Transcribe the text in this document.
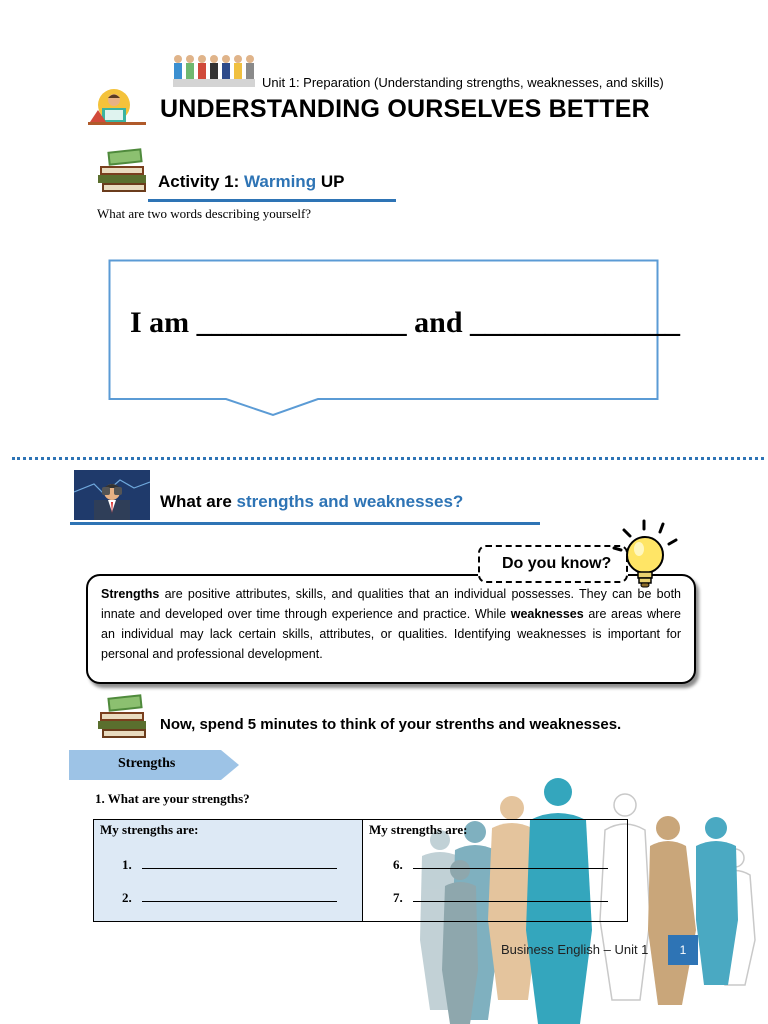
Unit 1: Preparation (Understanding strengths, weaknesses, and skills)
UNDERSTANDING OURSELVES BETTER
Activity 1: Warming UP
What are two words describing yourself?
I am ______________ and ______________
What are strengths and weaknesses?
Strengths are positive attributes, skills, and qualities that an individual possesses. They can be both innate and developed over time through experience and practice. While weaknesses are areas where an individual may lack certain skills, attributes, or qualities. Identifying weaknesses is important for personal and professional development.
Do you know?
Now, spend 5 minutes to think of your strenths and weaknesses.
Strengths
1. What are your strengths?
My strengths are:
1.
2.
My strengths are:
6.
7.
Business English – Unit 1	1
